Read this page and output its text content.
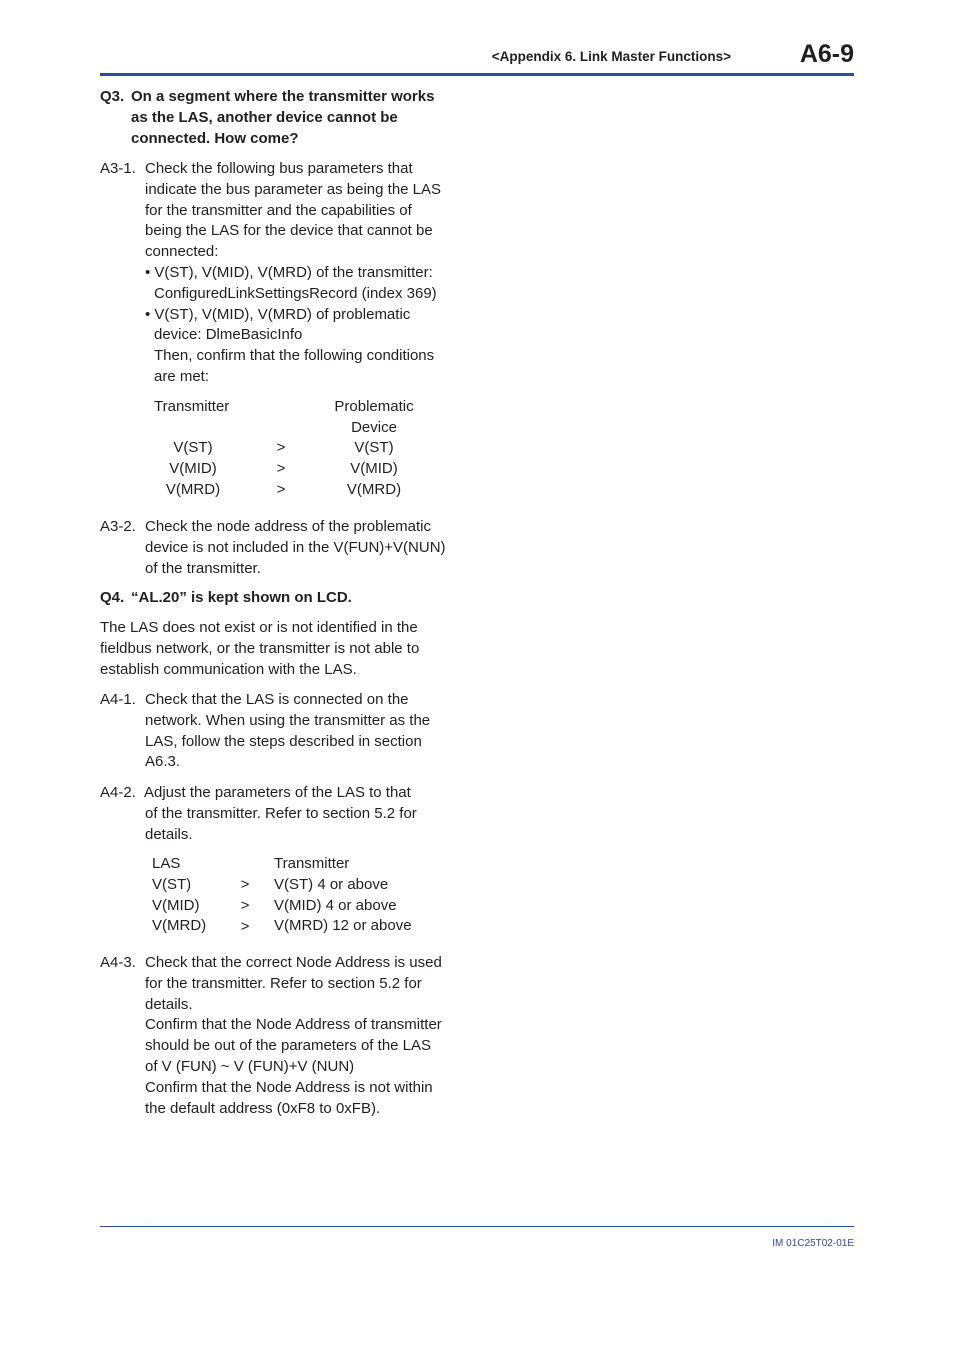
<Appendix 6. Link Master Functions>	A6-9
Q3. On a segment where the transmitter works
as the LAS, another device cannot be
connected. How come?
A3-1. Check the following bus parameters that
indicate the bus parameter as being the LAS
for the transmitter and the capabilities of
being the LAS for the device that cannot be
connected:
• V(ST), V(MID), V(MRD) of the transmitter:
ConfiguredLinkSettingsRecord (index 369)
• V(ST), V(MID), V(MRD) of problematic
device: DlmeBasicInfo
Then, confirm that the following conditions
are met:
Transmitter	Problematic
Device
V(ST)
V(MID)
V(MRD)
>
>
>
V(ST)
V(MID)
V(MRD)
A3-2. Check the node address of the problematic
device is not included in the V(FUN)+V(NUN)
of the transmitter.
Q4. “AL.20” is kept shown on LCD.
The LAS does not exist or is not identified in the
fieldbus network, or the transmitter is not able to
establish communication with the LAS.
A4-1. Check that the LAS is connected on the
network. When using the transmitter as the
LAS, follow the steps described in section
A6.3.
A4-2. Adjust the parameters of the LAS to that
of the transmitter. Refer to section 5.2 for
details.
LAS
V(ST)
V(MID)
V(MRD)
>
>
>
Transmitter
V(ST) 4 or above
V(MID) 4 or above
V(MRD) 12 or above
A4-3. Check that the correct Node Address is used
for the transmitter. Refer to section 5.2 for
details.
Confirm that the Node Address of transmitter
should be out of the parameters of the LAS
of V (FUN) ~ V (FUN)+V (NUN)
Confirm that the Node Address is not within
the default address (0xF8 to 0xFB).
IM 01C25T02-01E
